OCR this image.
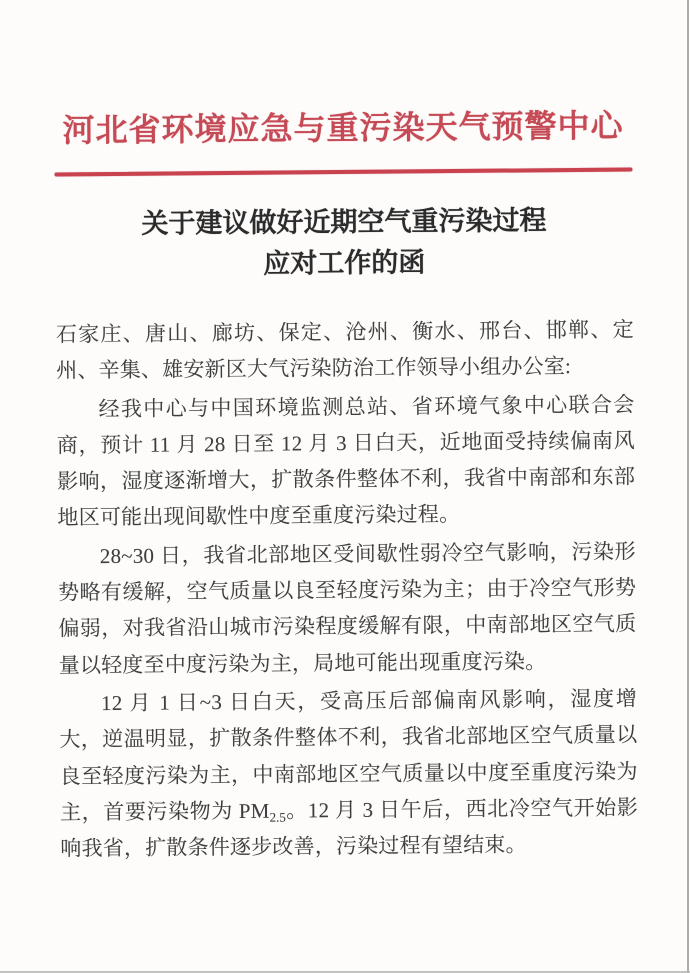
河北省环境应急与重污染天气预警中心
关于建议做好近期空气重污染过程
应对工作的函

石家庄、唐山、廊坊、保定、沧州、衡水、邢台、邯郸、定州、辛集、雄安新区大气污染防治工作领导小组办公室:

经我中心与中国环境监测总站、省环境气象中心联合会商，预计 11 月 28 日至 12 月 3 日白天，近地面受持续偏南风影响，湿度逐渐增大，扩散条件整体不利，我省中南部和东部地区可能出现间歇性中度至重度污染过程。

28~30 日，我省北部地区受间歇性弱冷空气影响，污染形势略有缓解，空气质量以良至轻度污染为主；由于冷空气形势偏弱，对我省沿山城市污染程度缓解有限，中南部地区空气质量以轻度至中度污染为主，局地可能出现重度污染。

12 月 1 日~3 日白天，受高压后部偏南风影响，湿度增大，逆温明显，扩散条件整体不利，我省北部地区空气质量以良至轻度污染为主，中南部地区空气质量以中度至重度污染为主，首要污染物为 $PM_{2.5}$。12 月 3 日午后，西北冷空气开始影响我省，扩散条件逐步改善，污染过程有望结束。
